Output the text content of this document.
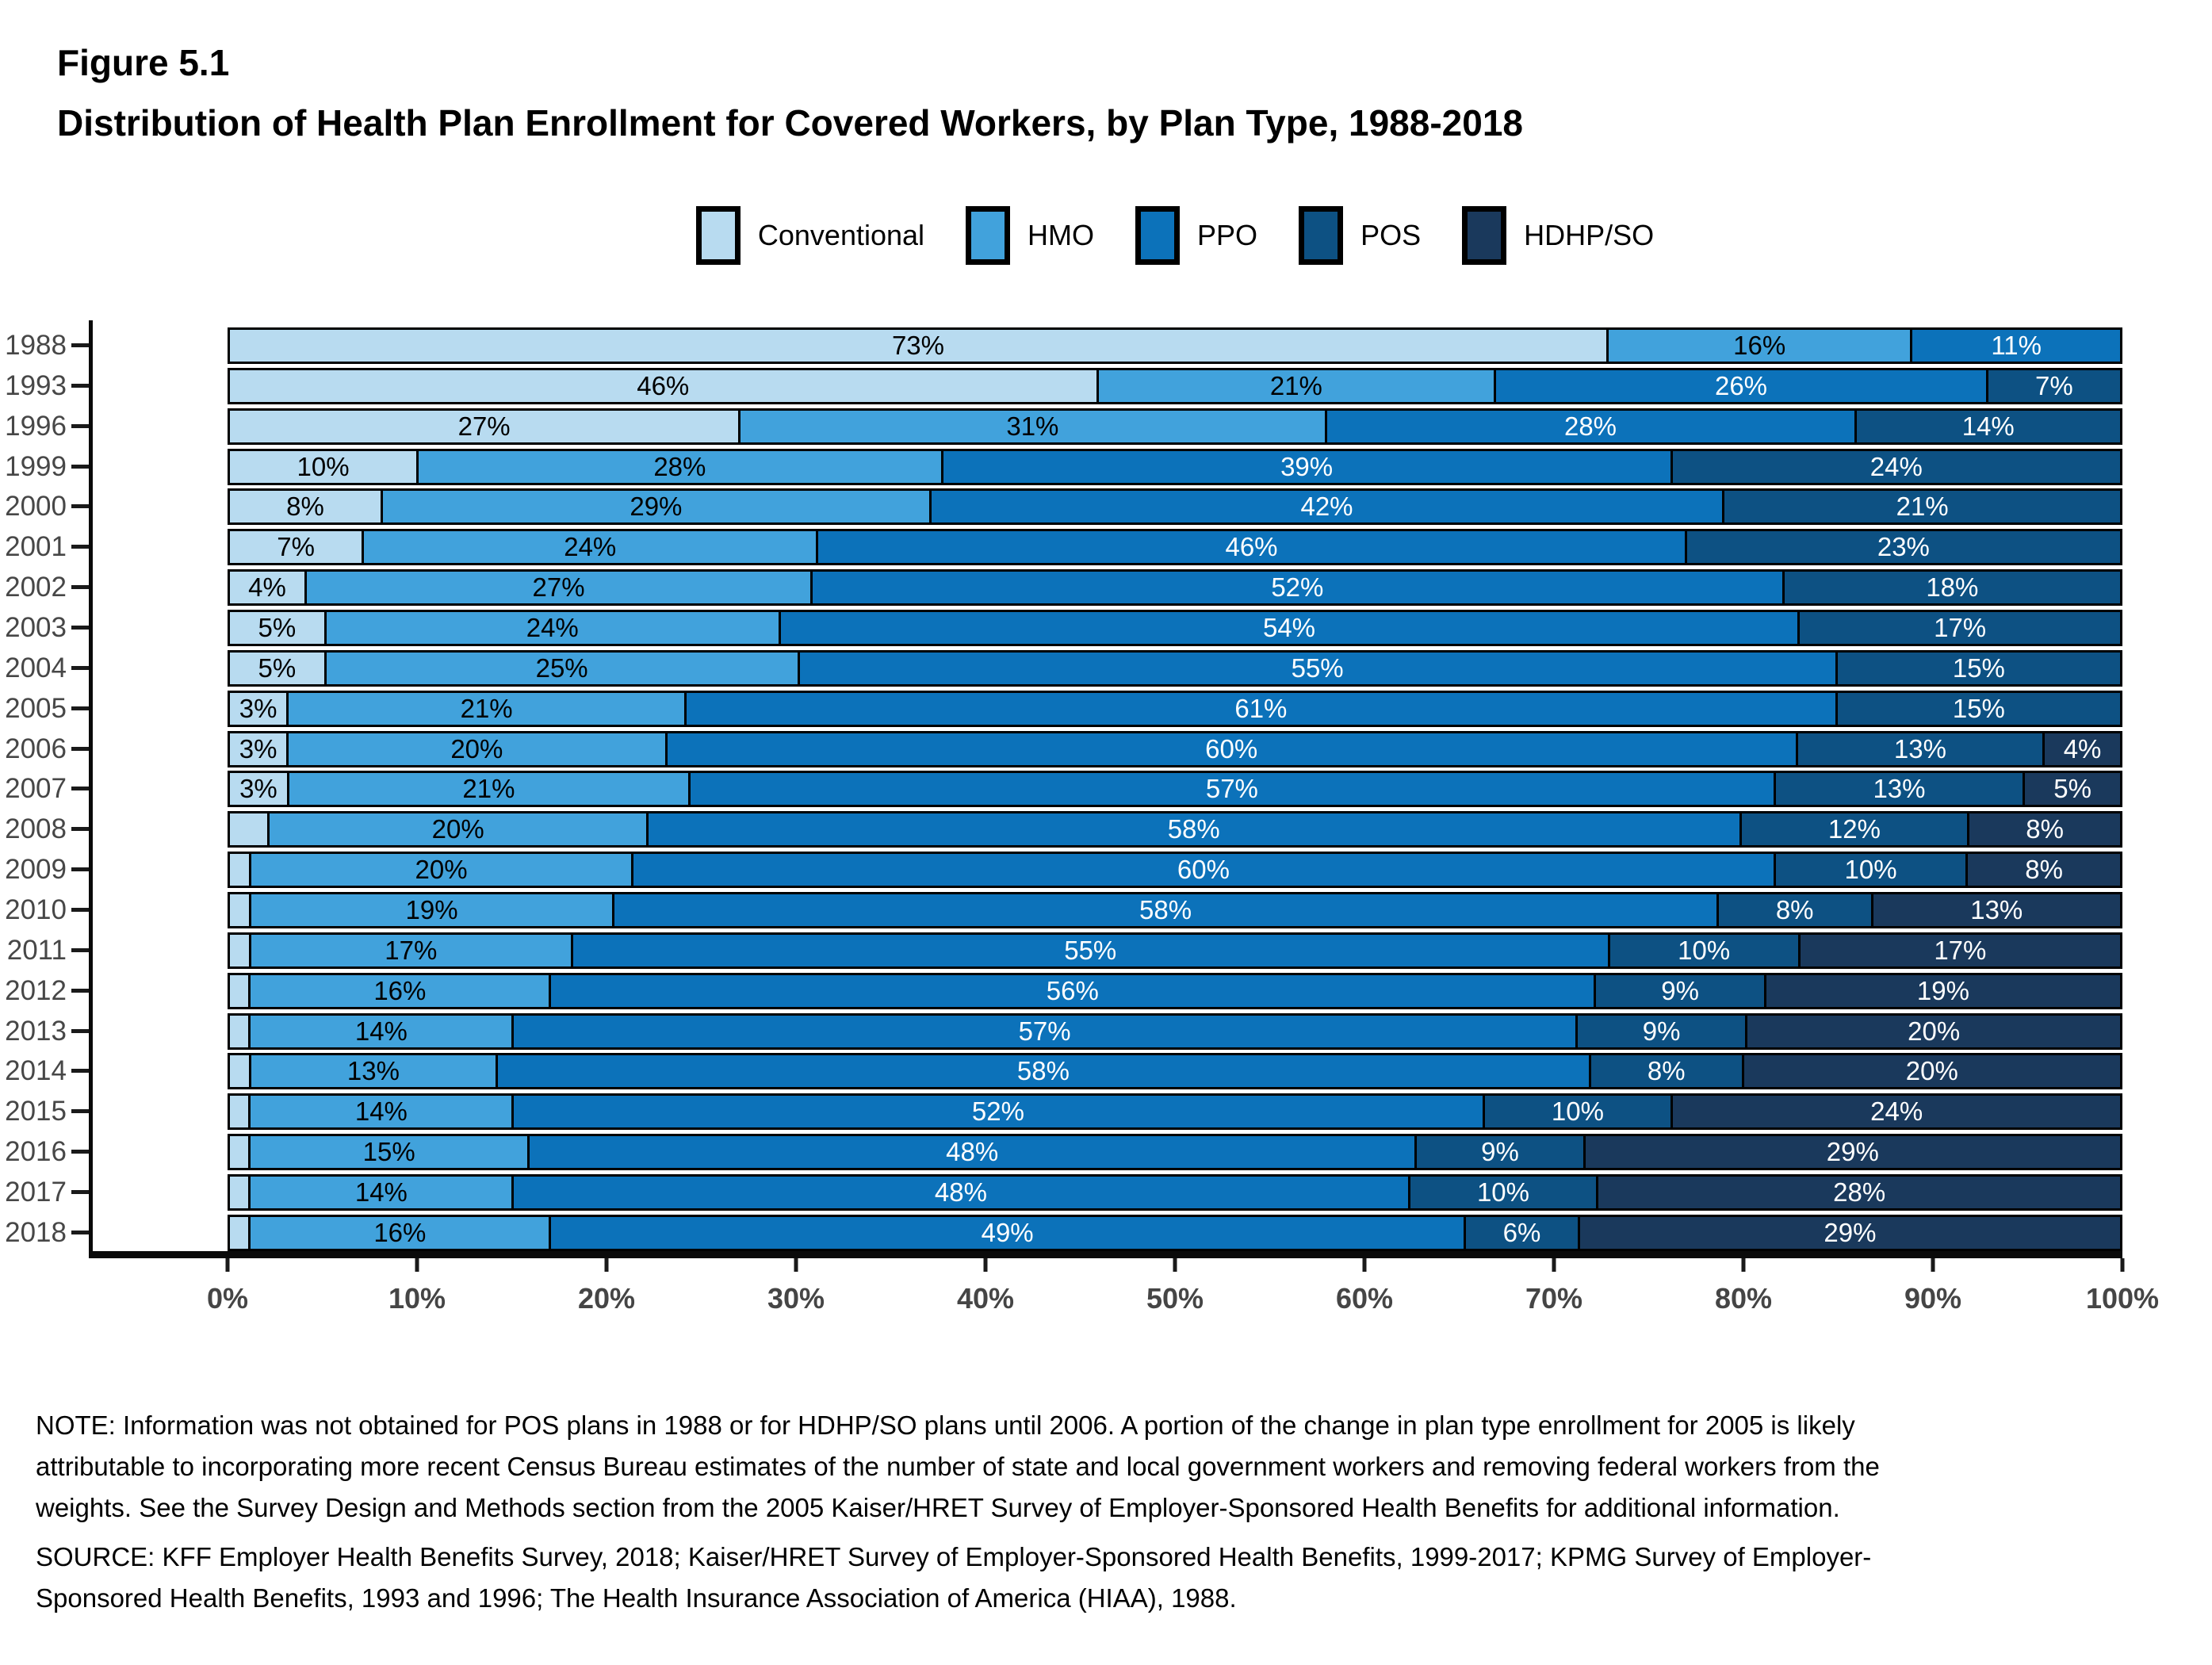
Figure 5.1
Distribution of Health Plan Enrollment for Covered Workers, by Plan Type, 1988-2018
Conventional	HMO	PPO	POS	HDHP/SO
1988
1993
1996
1999
2000
2001
2002
2003
2004
2005
2006
2007
2008
2009
2010
2011
2012
2013
2014
2015
2016
2017
2018
73%	16%	11%
46%	21%	26%	7%
27%	31%	28%	14%
10%	28%	39%	24%
8%	29%	42%	21%
7%	24%	46%	23%
4%	27%	52%	18%
5%	24%	54%	17%
5%	25%	55%	15%
3%	21%	61%	15%
3%	20%	60%	13%	4%
3%	21%	57%	13%	5%
20%	58%	12%	8%
20%	60%	10%	8%
19%	58%	8%	13%
17%	55%	10%	17%
16%	56%	9%	19%
14%	57%	9%	20%
13%	58%	8%	20%
14%	52%	10%	24%
15%	48%	9%	29%
14%	48%	10%	28%
16%	49%	6%	29%
0%	10%	20%	30%	40%	50%	60%	70%	80%	90%	100%

NOTE: Information was not obtained for POS plans in 1988 or for HDHP/SO plans until 2006. A portion of the change in plan type enrollment for 2005 is likely attributable to incorporating more recent Census Bureau estimates of the number of state and local government workers and removing federal workers from the weights. See the Survey Design and Methods section from the 2005 Kaiser/HRET Survey of Employer-Sponsored Health Benefits for additional information.

SOURCE: KFF Employer Health Benefits Survey, 2018; Kaiser/HRET Survey of Employer-Sponsored Health Benefits, 1999-2017; KPMG Survey of Employer-Sponsored Health Benefits, 1993 and 1996; The Health Insurance Association of America (HIAA), 1988.
